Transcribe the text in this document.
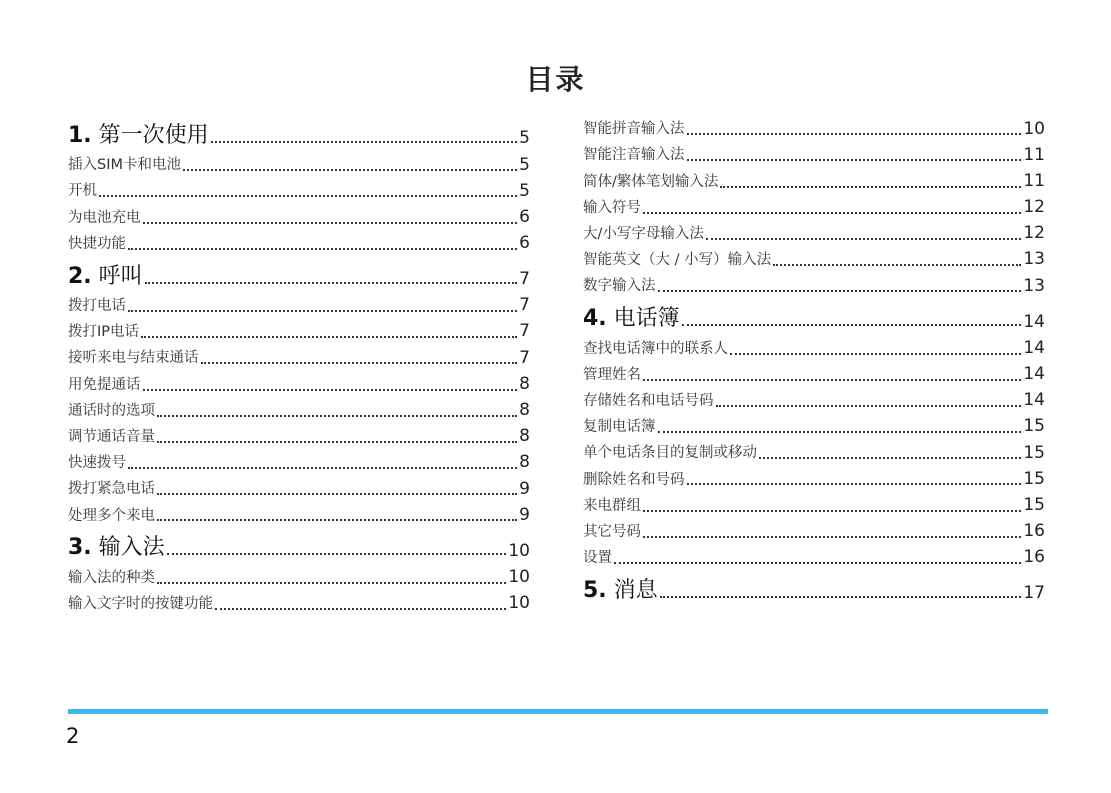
目录
1. 第一次使用	5
插入SIM卡和电池	5
开机	5
为电池充电	6
快捷功能	6
2. 呼叫	7
拨打电话	7
拨打IP电话	7
接听来电与结束通话	7
用免提通话	8
通话时的选项	8
调节通话音量	8
快速拨号	8
拨打紧急电话	9
处理多个来电	9
3. 输入法	10
输入法的种类	10
输入文字时的按键功能	10
智能拼音输入法	10
智能注音输入法	11
简体/繁体笔划输入法	11
输入符号	12
大/小写字母输入法	12
智能英文（大 / 小写）输入法	13
数字输入法	13
4. 电话簿	14
查找电话簿中的联系人	14
管理姓名	14
存储姓名和电话号码	14
复制电话簿	15
单个电话条目的复制或移动	15
删除姓名和号码	15
来电群组	15
其它号码	16
设置	16
5. 消息	17
2
